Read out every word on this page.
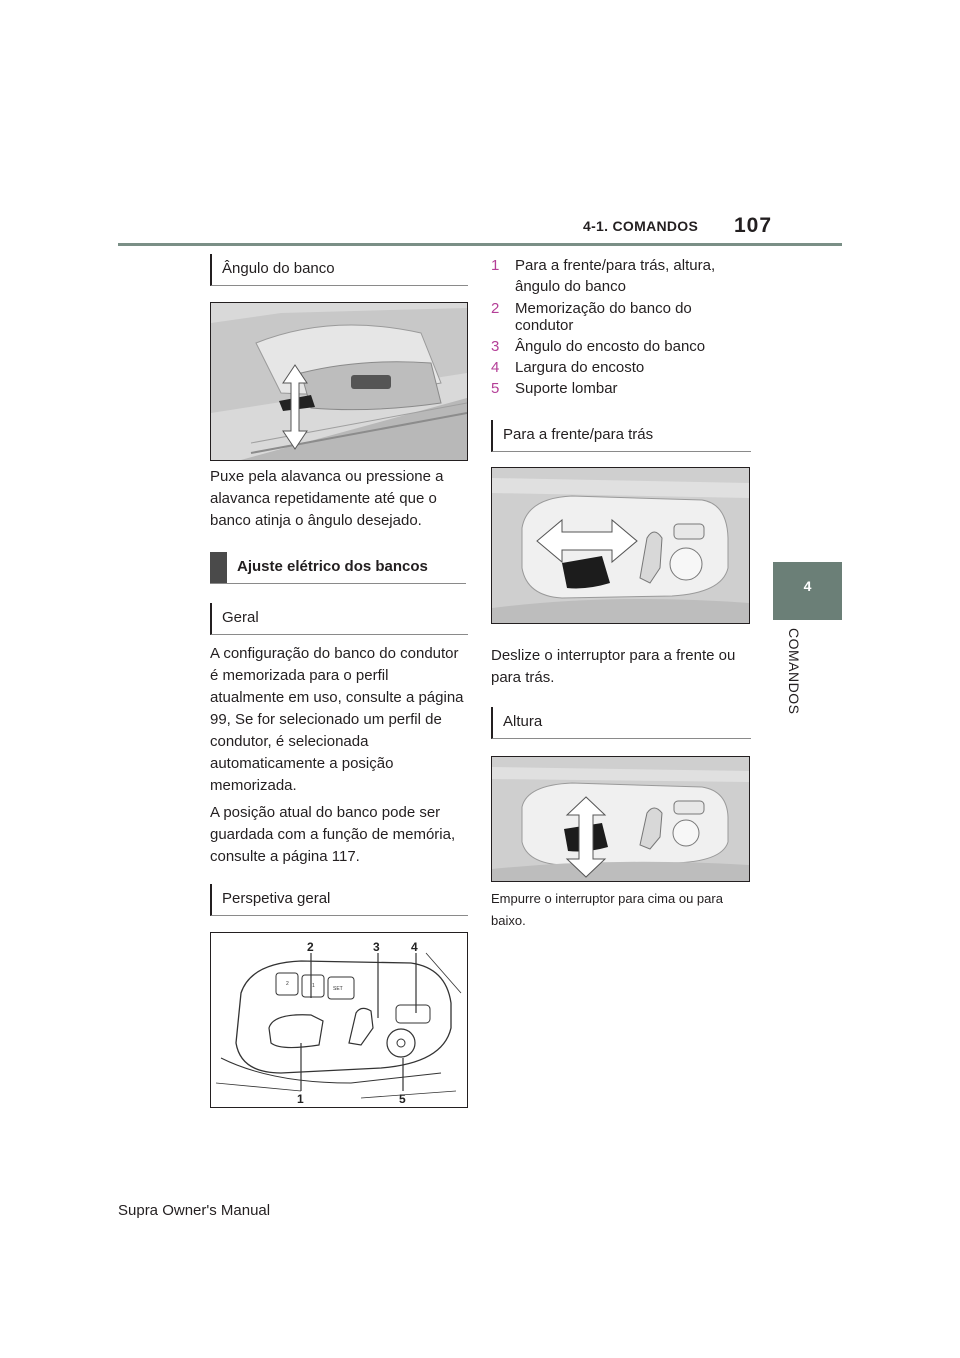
4-1. COMANDOS 107
4
COMANDOS
Ângulo do banco
Puxe pela alavanca ou pressione a alavanca repetidamente até que o banco atinja o ângulo desejado.
Ajuste elétrico dos bancos
Geral
A configuração do banco do condutor é memorizada para o perfil atualmente em uso, consulte a página 99, Se for selecionado um perfil de condutor, é selecionada automaticamente a posição memorizada.
A posição atual do banco pode ser guardada com a função de memória, consulte a página 117.
Perspetiva geral
2	1	SET
2	3	4
1	5
1 Para a frente/para trás, altura, ângulo do banco
2 Memorização do banco do condutor
3 Ângulo do encosto do banco
4 Largura do encosto
5 Suporte lombar
Para a frente/para trás
Deslize o interruptor para a frente ou para trás.
Altura
Empurre o interruptor para cima ou para baixo.
Supra Owner's Manual
